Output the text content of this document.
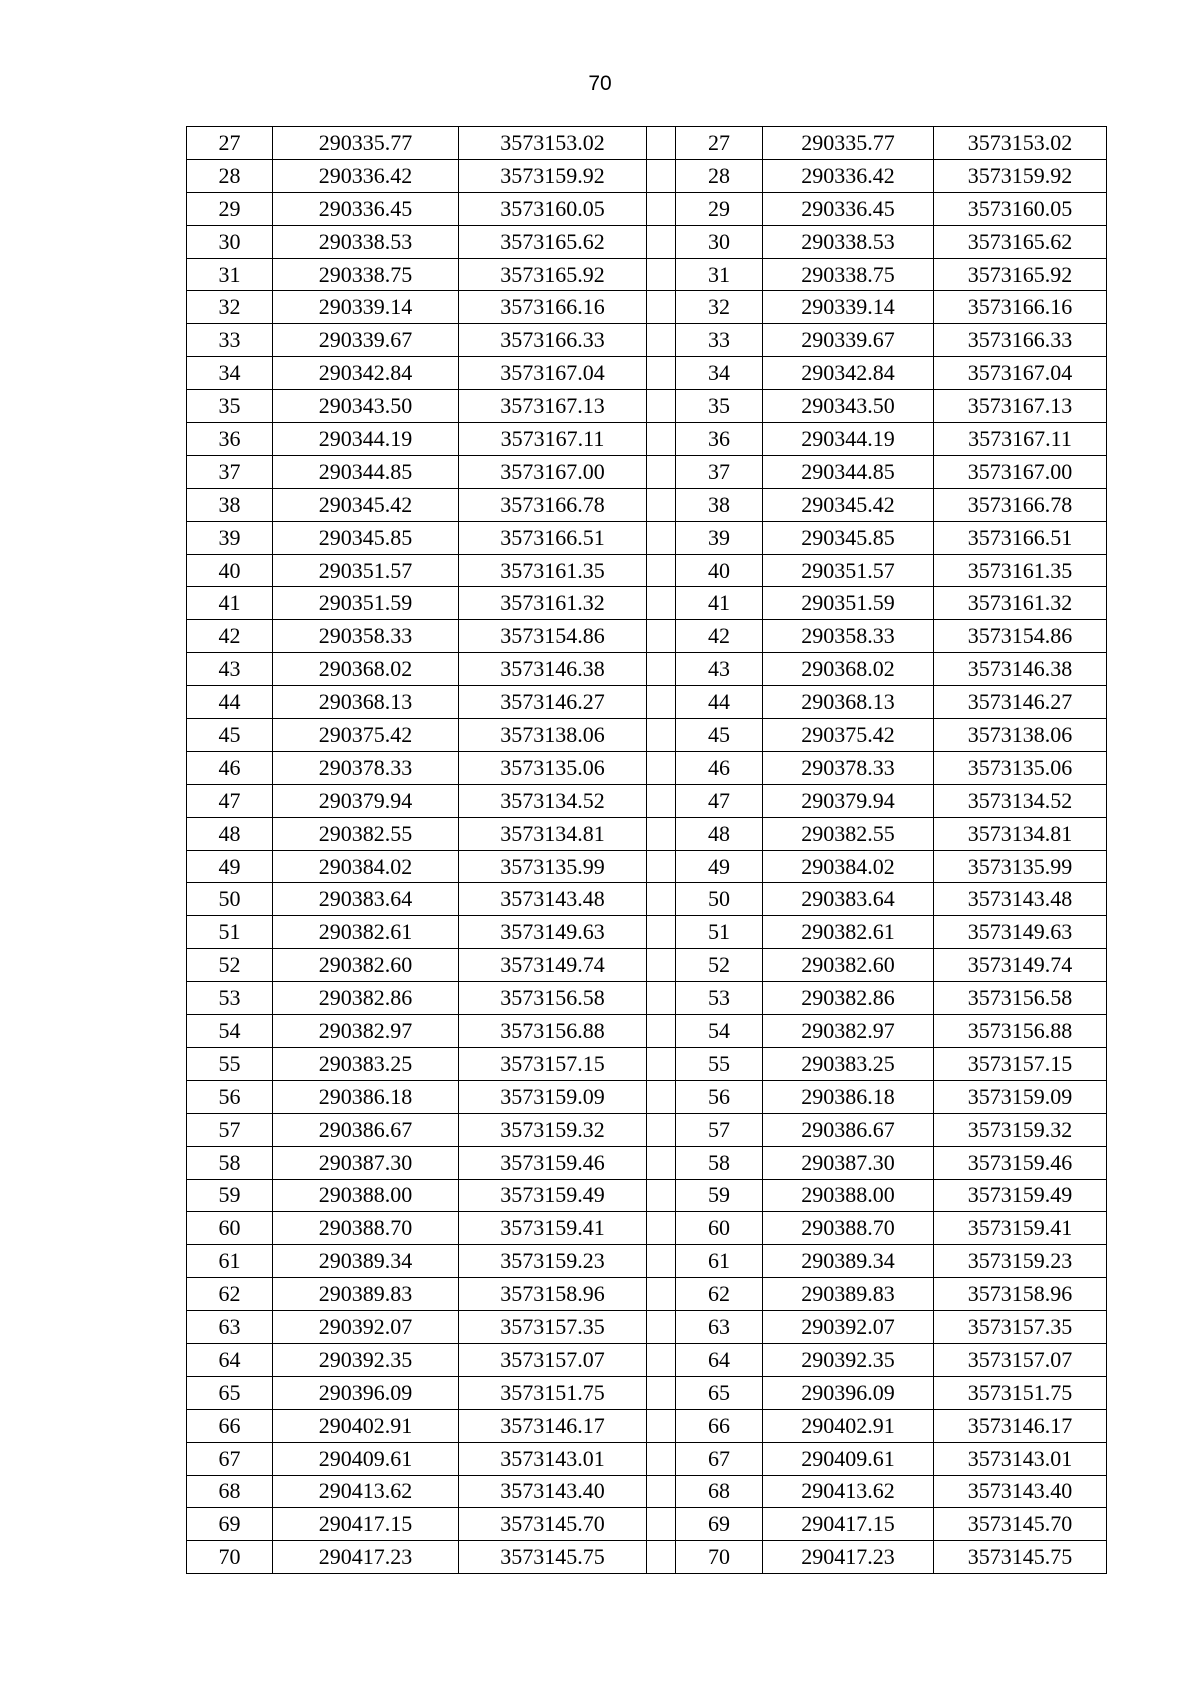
70
27	290335.77	3573153.02		27	290335.77	3573153.02
28	290336.42	3573159.92		28	290336.42	3573159.92
29	290336.45	3573160.05		29	290336.45	3573160.05
30	290338.53	3573165.62		30	290338.53	3573165.62
31	290338.75	3573165.92		31	290338.75	3573165.92
32	290339.14	3573166.16		32	290339.14	3573166.16
33	290339.67	3573166.33		33	290339.67	3573166.33
34	290342.84	3573167.04		34	290342.84	3573167.04
35	290343.50	3573167.13		35	290343.50	3573167.13
36	290344.19	3573167.11		36	290344.19	3573167.11
37	290344.85	3573167.00		37	290344.85	3573167.00
38	290345.42	3573166.78		38	290345.42	3573166.78
39	290345.85	3573166.51		39	290345.85	3573166.51
40	290351.57	3573161.35		40	290351.57	3573161.35
41	290351.59	3573161.32		41	290351.59	3573161.32
42	290358.33	3573154.86		42	290358.33	3573154.86
43	290368.02	3573146.38		43	290368.02	3573146.38
44	290368.13	3573146.27		44	290368.13	3573146.27
45	290375.42	3573138.06		45	290375.42	3573138.06
46	290378.33	3573135.06		46	290378.33	3573135.06
47	290379.94	3573134.52		47	290379.94	3573134.52
48	290382.55	3573134.81		48	290382.55	3573134.81
49	290384.02	3573135.99		49	290384.02	3573135.99
50	290383.64	3573143.48		50	290383.64	3573143.48
51	290382.61	3573149.63		51	290382.61	3573149.63
52	290382.60	3573149.74		52	290382.60	3573149.74
53	290382.86	3573156.58		53	290382.86	3573156.58
54	290382.97	3573156.88		54	290382.97	3573156.88
55	290383.25	3573157.15		55	290383.25	3573157.15
56	290386.18	3573159.09		56	290386.18	3573159.09
57	290386.67	3573159.32		57	290386.67	3573159.32
58	290387.30	3573159.46		58	290387.30	3573159.46
59	290388.00	3573159.49		59	290388.00	3573159.49
60	290388.70	3573159.41		60	290388.70	3573159.41
61	290389.34	3573159.23		61	290389.34	3573159.23
62	290389.83	3573158.96		62	290389.83	3573158.96
63	290392.07	3573157.35		63	290392.07	3573157.35
64	290392.35	3573157.07		64	290392.35	3573157.07
65	290396.09	3573151.75		65	290396.09	3573151.75
66	290402.91	3573146.17		66	290402.91	3573146.17
67	290409.61	3573143.01		67	290409.61	3573143.01
68	290413.62	3573143.40		68	290413.62	3573143.40
69	290417.15	3573145.70		69	290417.15	3573145.70
70	290417.23	3573145.75		70	290417.23	3573145.75
